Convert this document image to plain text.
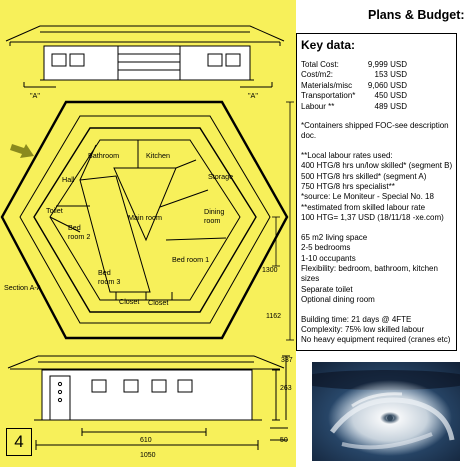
"A"	"A"
Bathroom	Kitchen
Hall	Storage
Toilet
Main room
Dining
room
Bed
room 2
Bed room 1
Bed
room 3
Closet Closet
Section A-A
1300
1162
610
1050
337
263
50
4
Plans & Budget:
Key data:
Total Cost:	9,999 USD
Cost/m2:	153 USD
Materials/misc 9,060 USD
Transportation* 450 USD
Labour **	489 USD

*Containers shipped FOC-see description doc.

**Local labour rates used:

400 HTG/8 hrs un/low skilled* (segment B)

500 HTG/8 hrs skilled* (segment A)

750 HTG/8 hrs specialist**

*source: Le Moniteur - Special No. 18

**estimated from skilled labour rate

100 HTG= 1,37 USD (18/11/18 -xe.com)

65 m2 living space

2-5 bedrooms

1-10 occupants

Flexibility: bedroom, bathroom, kitchen sizes

Separate toilet

Optional dining room

Building time: 21 days @ 4FTE

Complexity: 75% low skilled labour

No heavy equipment required (cranes etc)
